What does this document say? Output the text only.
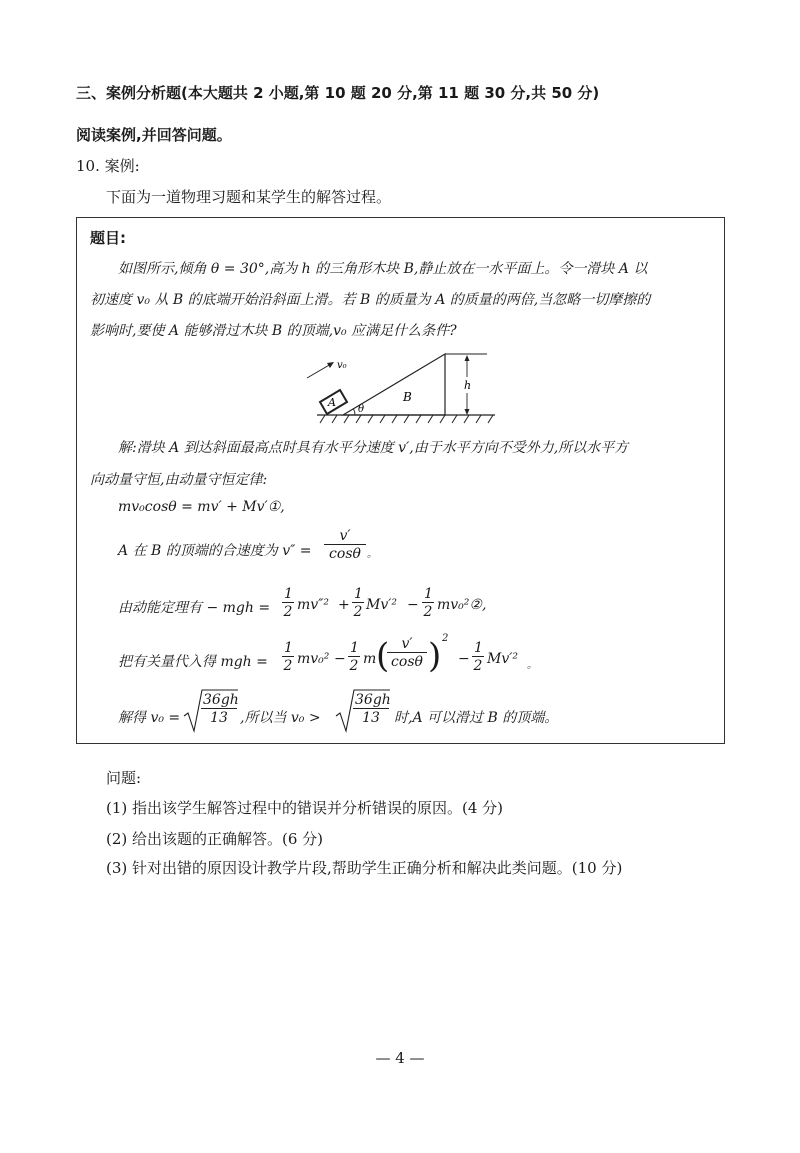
三、案例分析题(本大题共 2 小题,第 10 题 20 分,第 11 题 30 分,共 50 分)
阅读案例,并回答问题。
10. 案例:
下面为一道物理习题和某学生的解答过程。
题目:
如图所示,倾角 θ = 30°,高为 h 的三角形木块 B,静止放在一水平面上。令一滑块 A 以
初速度 v₀ 从 B 的底端开始沿斜面上滑。若 B 的质量为 A 的质量的两倍,当忽略一切摩擦的
影响时,要使 A 能够滑过木块 B 的顶端,v₀ 应满足什么条件?
v₀
A	B
θ
h
解:滑块 A 到达斜面最高点时具有水平分速度 v′,由于水平方向不受外力,所以水平方
向动量守恒,由动量守恒定律:
mv₀cosθ = mv′ + Mv′①,
A 在 B 的顶端的合速度为 $v'' = \frac{v'}{\cos\theta}$ 。
由动能定理有 − mgh = $\frac{1}{2} mv''^2 + \frac{1}{2} Mv'^2 - \frac{1}{2}$ mv₀²②,
把有关量代入得 mgh = $\frac{1}{2} mv_0^2 - \frac{1}{2}$ m (
$\frac{v'}{\cos\theta}$ ) 2
− $\frac{1}{2} Mv'^2$ 。
解得 $v_0 = \frac{36gh}{13}$ ,所以当 $v_0 > \frac{36gh}{13}$ 时,A 可以滑过 B 的顶端。
问题:
(1) 指出该学生解答过程中的错误并分析错误的原因。(4 分)
(2) 给出该题的正确解答。(6 分)
(3) 针对出错的原因设计教学片段,帮助学生正确分析和解决此类问题。(10 分)
— 4 —
